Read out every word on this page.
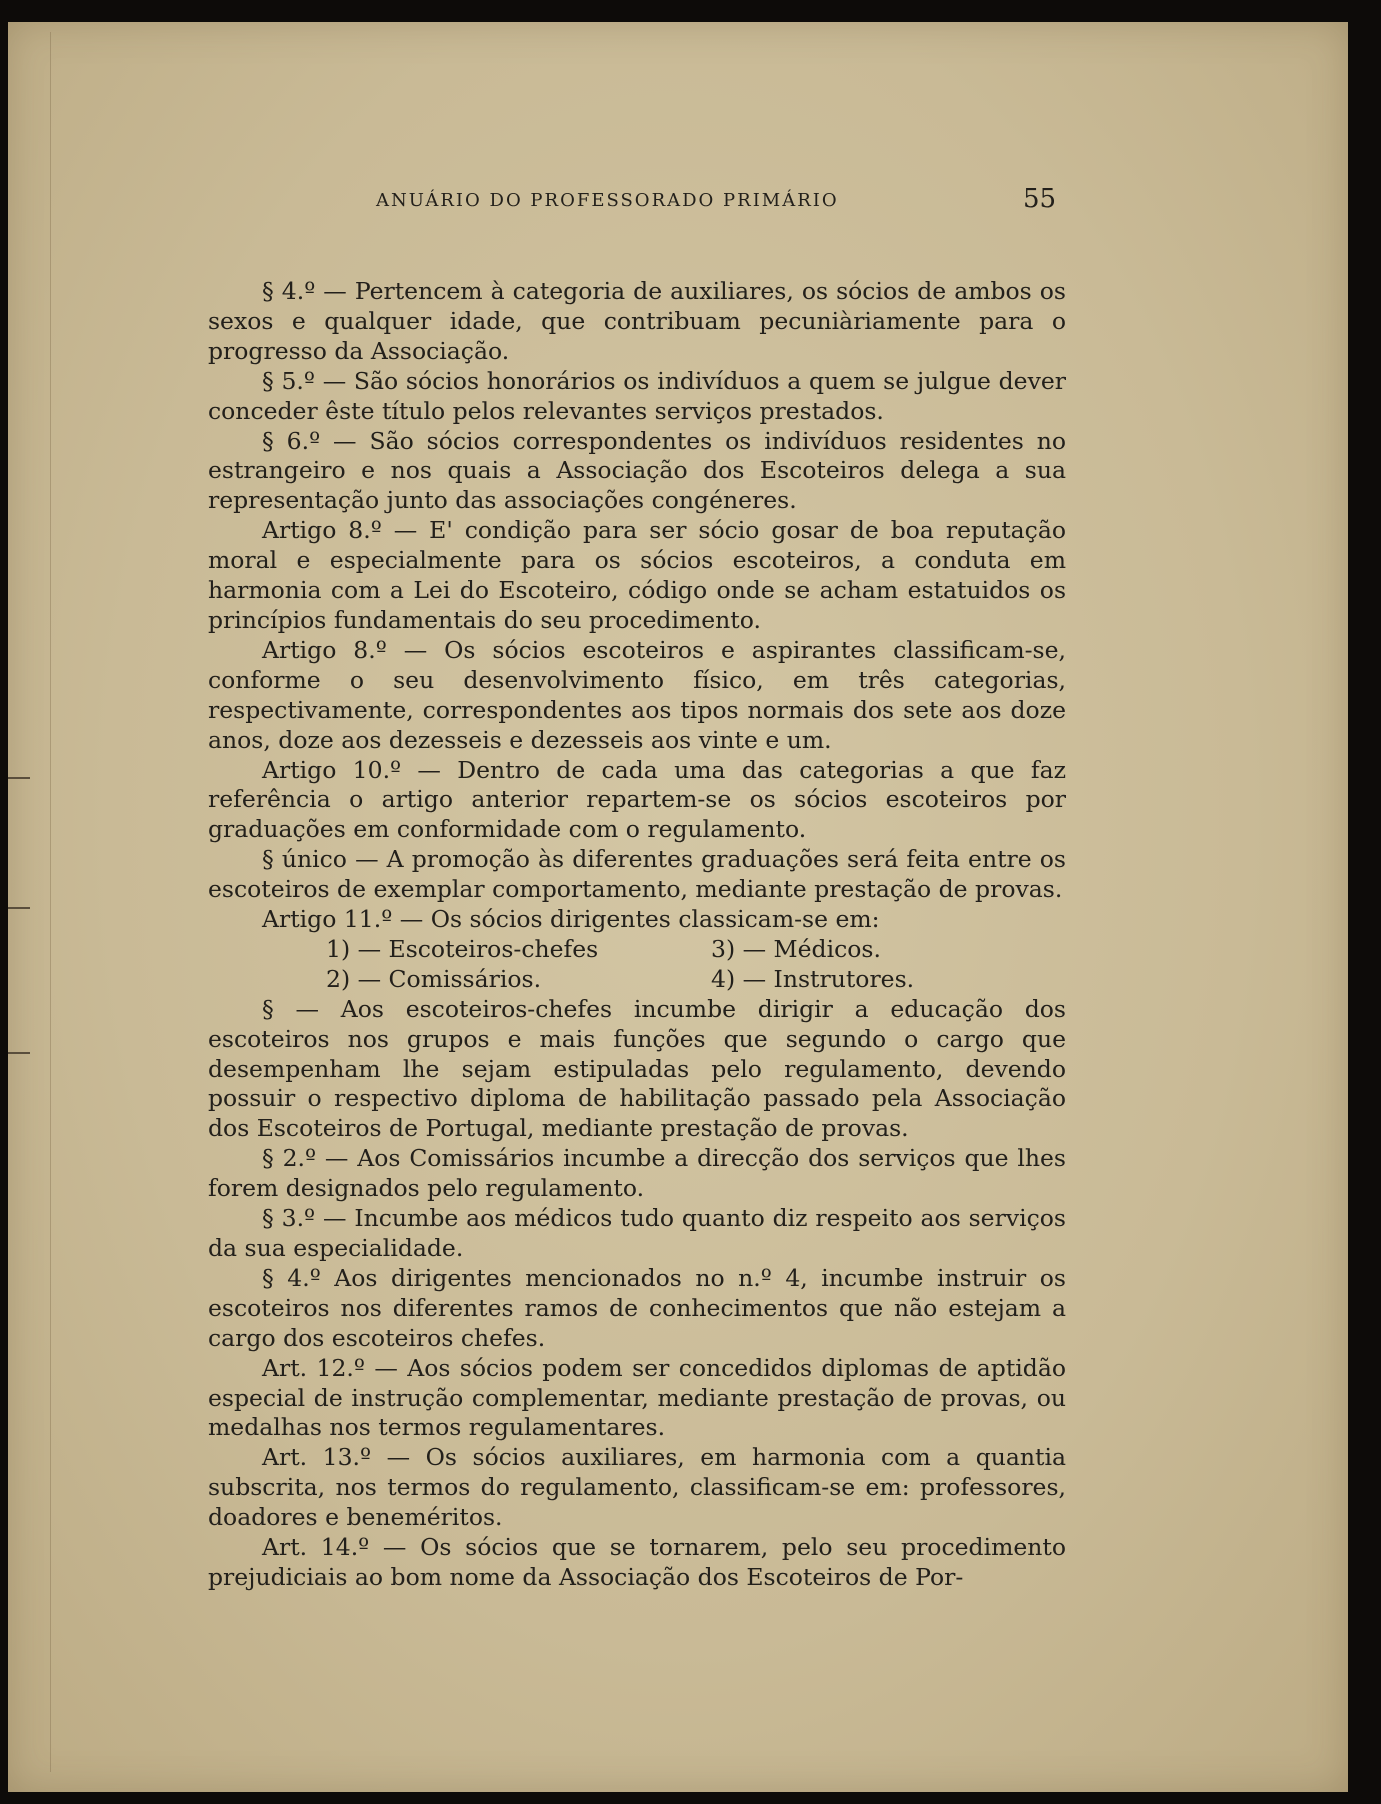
ANUÁRIO DO PROFESSORADO PRIMÁRIO	55

§ 4.º — Pertencem à categoria de auxiliares, os sócios de ambos os sexos e qualquer idade, que contribuam pecuniàriamente para o progresso da Associação.

§ 5.º — São sócios honorários os indivíduos a quem se julgue dever conceder êste título pelos relevantes serviços prestados.

§ 6.º — São sócios correspondentes os indivíduos residentes no estrangeiro e nos quais a Associação dos Escoteiros delega a sua representação junto das associações congéneres.

Artigo 8.º — E' condição para ser sócio gosar de boa reputação moral e especialmente para os sócios escoteiros, a conduta em harmonia com a Lei do Escoteiro, código onde se acham estatuidos os princípios fundamentais do seu procedimento.

Artigo 8.º — Os sócios escoteiros e aspirantes classificam-se, conforme o seu desenvolvimento físico, em três categorias, respectivamente, correspondentes aos tipos normais dos sete aos doze anos, doze aos dezesseis e dezesseis aos vinte e um.

Artigo 10.º — Dentro de cada uma das categorias a que faz referência o artigo anterior repartem-se os sócios escoteiros por graduações em conformidade com o regulamento.

§ único — A promoção às diferentes graduações será feita entre os escoteiros de exemplar comportamento, mediante prestação de provas.

Artigo 11.º — Os sócios dirigentes classicam-se em:

1) — Escoteiros-chefes	3) — Médicos.
2) — Comissários.	4) — Instrutores.

§ — Aos escoteiros-chefes incumbe dirigir a educação dos escoteiros nos grupos e mais funções que segundo o cargo que desempenham lhe sejam estipuladas pelo regulamento, devendo possuir o respectivo diploma de habilitação passado pela Associação dos Escoteiros de Portugal, mediante prestação de provas.

§ 2.º — Aos Comissários incumbe a direcção dos serviços que lhes forem designados pelo regulamento.

§ 3.º — Incumbe aos médicos tudo quanto diz respeito aos serviços da sua especialidade.

§ 4.º Aos dirigentes mencionados no n.º 4, incumbe instruir os escoteiros nos diferentes ramos de conhecimentos que não estejam a cargo dos escoteiros chefes.

Art. 12.º — Aos sócios podem ser concedidos diplomas de aptidão especial de instrução complementar, mediante prestação de provas, ou medalhas nos termos regulamentares.

Art. 13.º — Os sócios auxiliares, em harmonia com a quantia subscrita, nos termos do regulamento, classificam-se em: professores, doadores e beneméritos.

Art. 14.º — Os sócios que se tornarem, pelo seu procedimento prejudiciais ao bom nome da Associação dos Escoteiros de Por-
